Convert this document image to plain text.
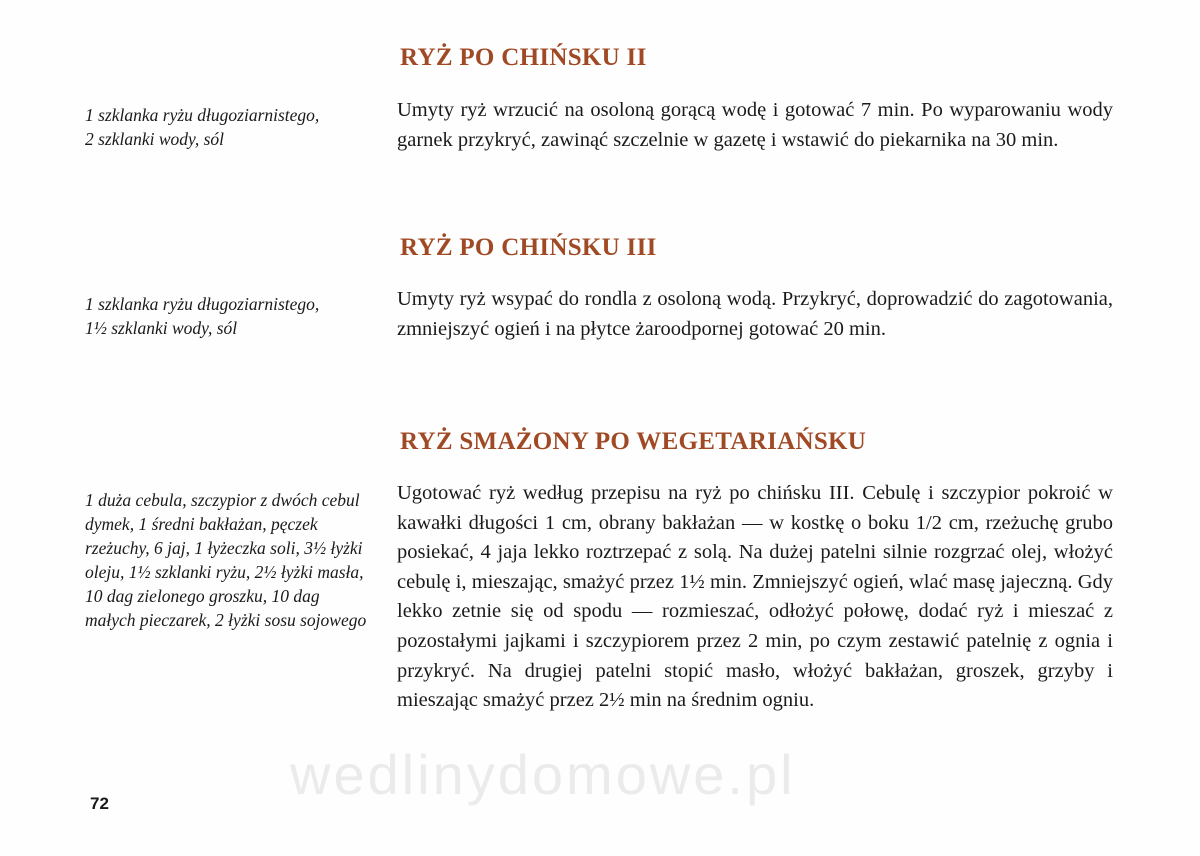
RYŻ PO CHIŃSKU II

1 szklanka ryżu długoziarnistego,
2 szklanki wody, sól

Umyty ryż wrzucić na osoloną gorącą wodę i gotować 7 min. Po wyparowaniu wody garnek przykryć, zawinąć szczelnie w gazetę i wstawić do piekarnika na 30 min.

RYŻ PO CHIŃSKU III

1 szklanka ryżu długoziarnistego,
1½ szklanki wody, sól

Umyty ryż wsypać do rondla z osoloną wodą. Przykryć, doprowadzić do zagotowania, zmniejszyć ogień i na płytce żaroodpornej gotować 20 min.

RYŻ SMAŻONY PO WEGETARIAŃSKU

1 duża cebula, szczypior z dwóch cebul dymek, 1 średni bakłażan, pęczek rzeżuchy, 6 jaj, 1 łyżeczka soli, 3½ łyżki oleju, 1½ szklanki ryżu, 2½ łyżki masła, 10 dag zielonego groszku, 10 dag małych pieczarek, 2 łyżki sosu sojowego

Ugotować ryż według przepisu na ryż po chińsku III. Cebulę i szczypior pokroić w kawałki długości 1 cm, obrany bakłażan — w kostkę o boku 1/2 cm, rzeżuchę grubo posiekać, 4 jaja lekko roztrzepać z solą. Na dużej patelni silnie rozgrzać olej, włożyć cebulę i, mieszając, smażyć przez 1½ min. Zmniejszyć ogień, wlać masę jajeczną. Gdy lekko zetnie się od spodu — rozmieszać, odłożyć połowę, dodać ryż i mieszać z pozostałymi jajkami i szczypiorem przez 2 min, po czym zestawić patelnię z ognia i przykryć. Na drugiej patelni stopić masło, włożyć bakłażan, groszek, grzyby i mieszając smażyć przez 2½ min na średnim ogniu.

wedlinydomowe.pl

72
